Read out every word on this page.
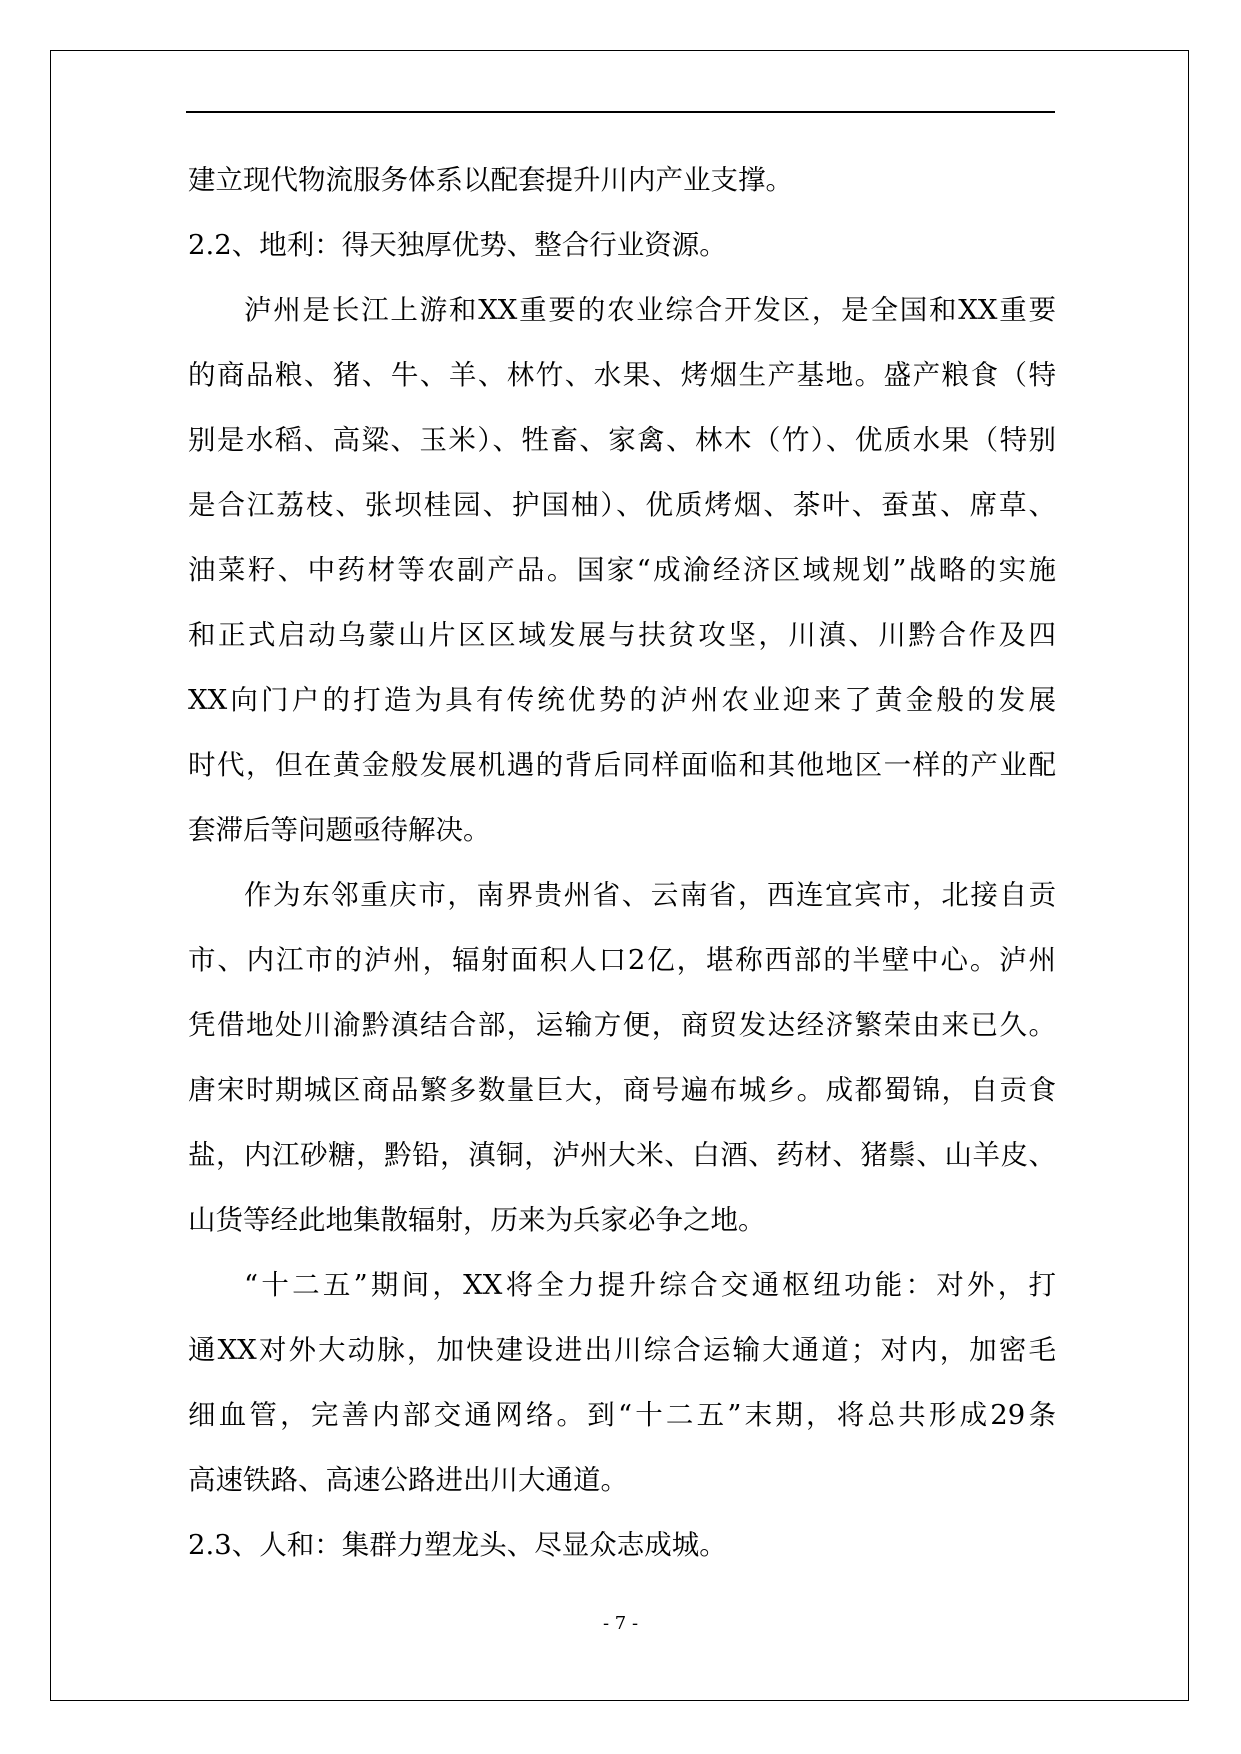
建立现代物流服务体系以配套提升川内产业支撑。
2.2、地利：得天独厚优势、整合行业资源。
泸州是长江上游和XX重要的农业综合开发区，是全国和XX重要
的商品粮、猪、牛、羊、林竹、水果、烤烟生产基地。盛产粮食（特
别是水稻、高粱、玉米）、牲畜、家禽、林木（竹）、优质水果（特别
是合江荔枝、张坝桂园、护国柚）、优质烤烟、茶叶、蚕茧、席草、
油菜籽、中药材等农副产品。国家“成渝经济区域规划”战略的实施
和正式启动乌蒙山片区区域发展与扶贫攻坚，川滇、川黔合作及四
XX向门户的打造为具有传统优势的泸州农业迎来了黄金般的发展
时代，但在黄金般发展机遇的背后同样面临和其他地区一样的产业配
套滞后等问题亟待解决。
作为东邻重庆市，南界贵州省、云南省，西连宜宾市，北接自贡
市、内江市的泸州，辐射面积人口2亿，堪称西部的半壁中心。泸州
凭借地处川渝黔滇结合部，运输方便，商贸发达经济繁荣由来已久。
唐宋时期城区商品繁多数量巨大，商号遍布城乡。成都蜀锦，自贡食
盐，内江砂糖，黔铅，滇铜，泸州大米、白酒、药材、猪鬃、山羊皮、
山货等经此地集散辐射，历来为兵家必争之地。
“十二五”期间，XX将全力提升综合交通枢纽功能：对外，打
通XX对外大动脉，加快建设进出川综合运输大通道；对内，加密毛
细血管，完善内部交通网络。到“十二五”末期，将总共形成29条
高速铁路、高速公路进出川大通道。
2.3、人和：集群力塑龙头、尽显众志成城。
- 7 -
